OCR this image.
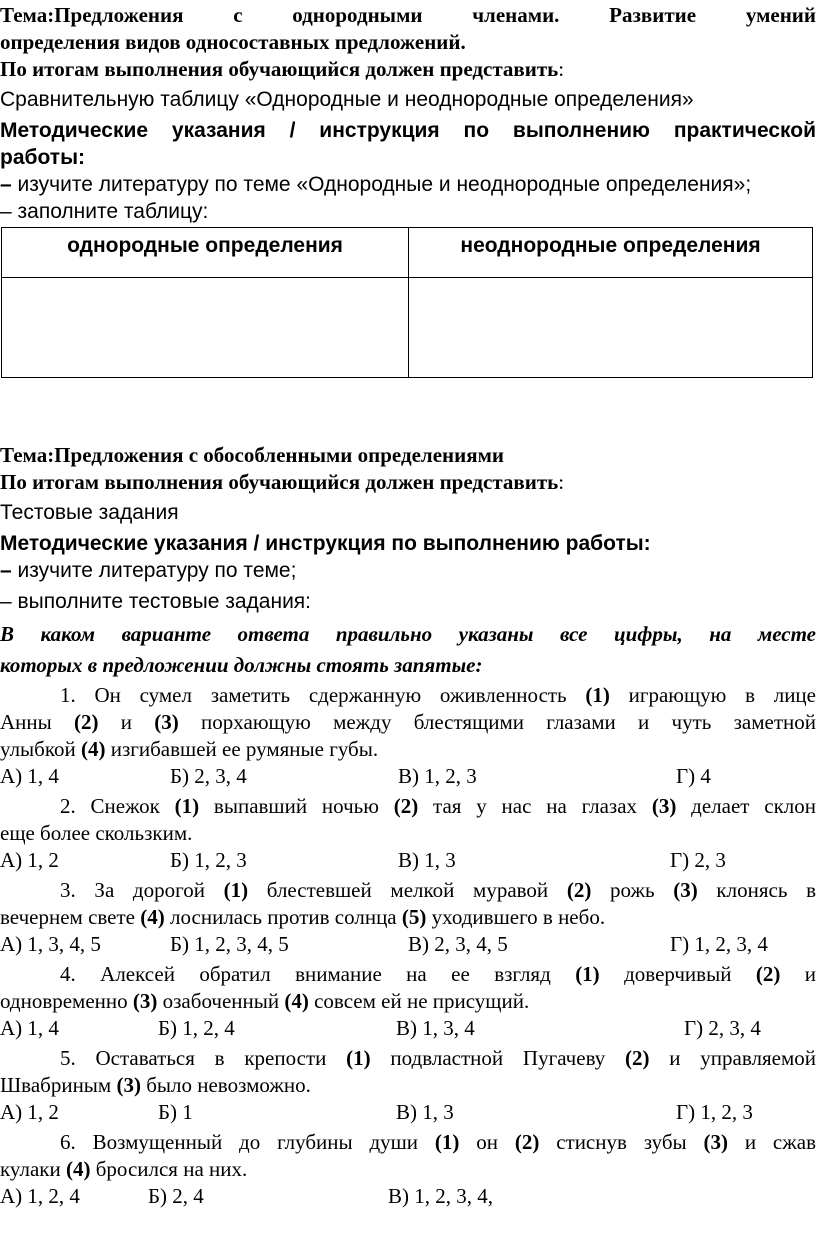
Тема:Предложения с однородными членами. Развитие умений
определения видов односоставных предложений.
По итогам выполнения обучающийся должен представить:
Сравнительную таблицу «Однородные и неоднородные определения»
Методические указания / инструкция по выполнению практической
работы:
– изучите литературу по теме «Однородные и неоднородные определения»;
– заполните таблицу:
однородные определения	неоднородные определения

Тема:Предложения с обособленными определениями
По итогам выполнения обучающийся должен представить:
Тестовые задания
Методические указания / инструкция по выполнению работы:
– изучите литературу по теме;
– выполните тестовые задания:
В каком варианте ответа правильно указаны все цифры, на месте
которых в предложении должны стоять запятые:
1. Он сумел заметить сдержанную оживленность (1) играющую в лице
Анны (2) и (3) порхающую между блестящими глазами и чуть заметной
улыбкой (4) изгибавшей ее румяные губы.
А) 1, 4	Б) 2, 3, 4	В) 1, 2, 3	Г) 4
2. Снежок (1) выпавший ночью (2) тая у нас на глазах (3) делает склон
еще более скользким.
А) 1, 2	Б) 1, 2, 3	В) 1, 3	Г) 2, 3
3. За дорогой (1) блестевшей мелкой муравой (2) рожь (3) клонясь в
вечернем свете (4) лоснилась против солнца (5) уходившего в небо.
А) 1, 3, 4, 5	Б) 1, 2, 3, 4, 5	В) 2, 3, 4, 5	Г) 1, 2, 3, 4
4. Алексей обратил внимание на ее взгляд (1) доверчивый (2) и
одновременно (3) озабоченный (4) совсем ей не присущий.
А) 1, 4	Б) 1, 2, 4	В) 1, 3, 4	Г) 2, 3, 4
5. Оставаться в крепости (1) подвластной Пугачеву (2) и управляемой
Швабриным (3) было невозможно.
А) 1, 2	Б) 1	В) 1, 3	Г) 1, 2, 3
6. Возмущенный до глубины души (1) он (2) стиснув зубы (3) и сжав
кулаки (4) бросился на них.
А) 1, 2, 4	Б) 2, 4	В) 1, 2, 3, 4,
